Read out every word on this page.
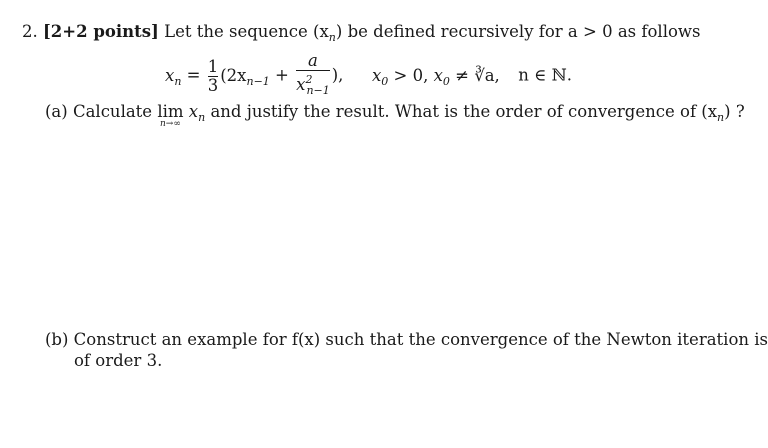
2. [2+2 points] Let the sequence $(x_n)$ be defined recursively for a > 0 as follows
$x_n = \frac{1}{3} (2x_{n-1} + \frac{a}{x^2_{n-1}}$ ), $x_0 > 0$, $x_0$ ≠ ∛a, n ∈ ℕ.
(a) Calculate lim
n→∞
$x_n$ and justify the result. What is the order of convergence of $(x_n)$ ?
(b) Construct an example for f(x) such that the convergence of the Newton iteration is
of order 3.
